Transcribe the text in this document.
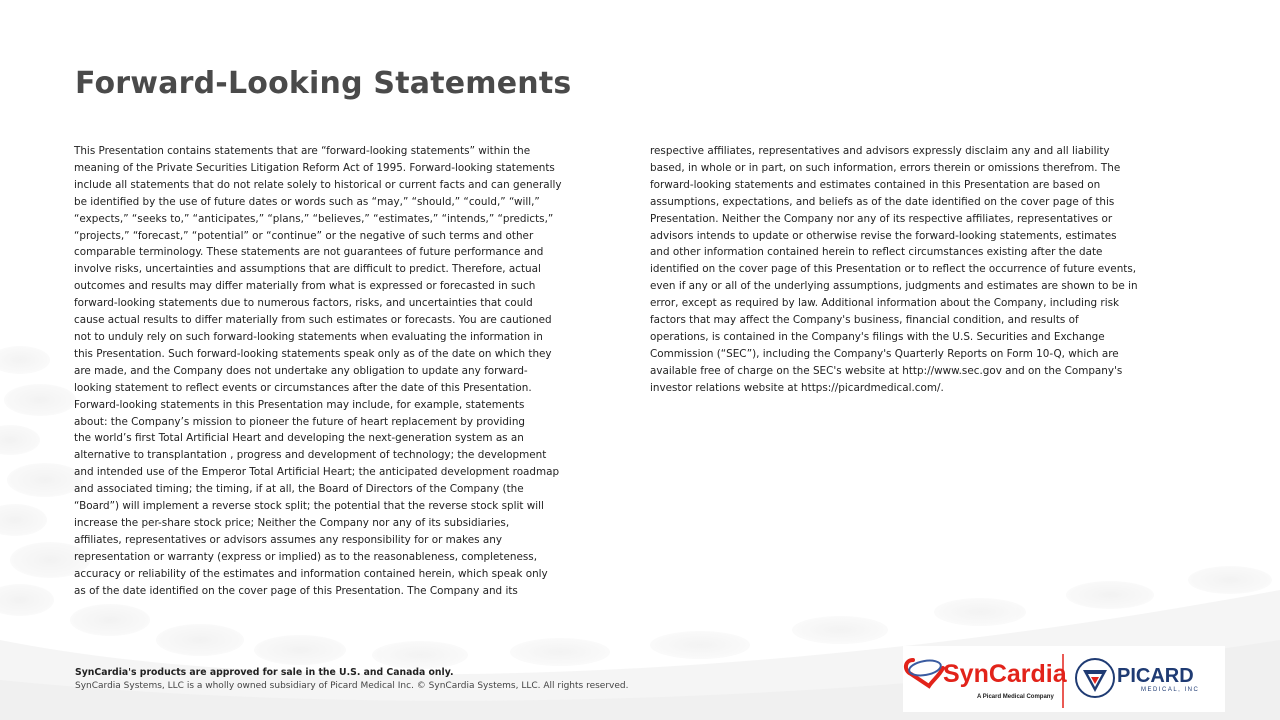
Forward-Looking Statements
This Presentation contains statements that are “forward-looking statements” within the
meaning of the Private Securities Litigation Reform Act of 1995. Forward-looking statements
include all statements that do not relate solely to historical or current facts and can generally
be identified by the use of future dates or words such as “may,” “should,” “could,” “will,”
“expects,” “seeks to,” “anticipates,” “plans,” “believes,” “estimates,” “intends,” “predicts,”
“projects,” “forecast,” “potential” or “continue” or the negative of such terms and other
comparable terminology. These statements are not guarantees of future performance and
involve risks, uncertainties and assumptions that are difficult to predict. Therefore, actual
outcomes and results may differ materially from what is expressed or forecasted in such
forward-looking statements due to numerous factors, risks, and uncertainties that could
cause actual results to differ materially from such estimates or forecasts. You are cautioned
not to unduly rely on such forward-looking statements when evaluating the information in
this Presentation. Such forward-looking statements speak only as of the date on which they
are made, and the Company does not undertake any obligation to update any forward-
looking statement to reflect events or circumstances after the date of this Presentation.
Forward-looking statements in this Presentation may include, for example, statements
about: the Company’s mission to pioneer the future of heart replacement by providing
the world’s first Total Artificial Heart and developing the next-generation system as an
alternative to transplantation , progress and development of technology; the development
and intended use of the Emperor Total Artificial Heart; the anticipated development roadmap
and associated timing; the timing, if at all, the Board of Directors of the Company (the
“Board”) will implement a reverse stock split; the potential that the reverse stock split will
increase the per-share stock price; Neither the Company nor any of its subsidiaries,
affiliates, representatives or advisors assumes any responsibility for or makes any
representation or warranty (express or implied) as to the reasonableness, completeness,
accuracy or reliability of the estimates and information contained herein, which speak only
as of the date identified on the cover page of this Presentation. The Company and its
respective affiliates, representatives and advisors expressly disclaim any and all liability
based, in whole or in part, on such information, errors therein or omissions therefrom. The
forward-looking statements and estimates contained in this Presentation are based on
assumptions, expectations, and beliefs as of the date identified on the cover page of this
Presentation. Neither the Company nor any of its respective affiliates, representatives or
advisors intends to update or otherwise revise the forward-looking statements, estimates
and other information contained herein to reflect circumstances existing after the date
identified on the cover page of this Presentation or to reflect the occurrence of future events,
even if any or all of the underlying assumptions, judgments and estimates are shown to be in
error, except as required by law. Additional information about the Company, including risk
factors that may affect the Company's business, financial condition, and results of
operations, is contained in the Company's filings with the U.S. Securities and Exchange
Commission (“SEC”), including the Company's Quarterly Reports on Form 10-Q, which are
available free of charge on the SEC's website at http://www.sec.gov and on the Company's
investor relations website at https://picardmedical.com/.
SynCardia's products are approved for sale in the U.S. and Canada only.
SynCardia Systems, LLC is a wholly owned subsidiary of Picard Medical Inc. © SynCardia Systems, LLC. All rights reserved.	SynCardia
A Picard Medical Company
PICARD
MEDICAL, INC
